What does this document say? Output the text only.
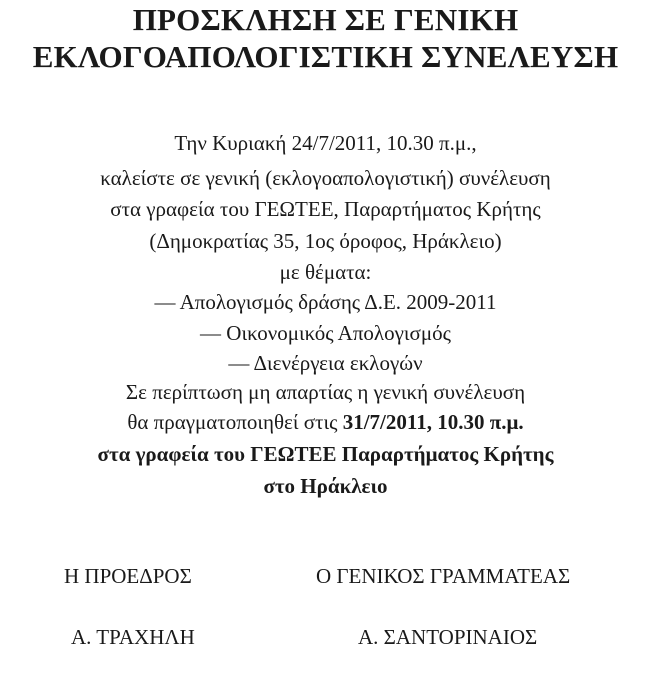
ΠΡΟΣΚΛΗΣΗ ΣΕ ΓΕΝΙΚΗ
ΕΚΛΟΓΟΑΠΟΛΟΓΙΣΤΙΚΗ ΣΥΝΕΛΕΥΣΗ
Την Κυριακή 24/7/2011, 10.30 π.μ.,
καλείστε σε γενική (εκλογοαπολογιστική) συνέλευση
στα γραφεία του ΓΕΩΤΕΕ, Παραρτήματος Κρήτης
(Δημοκρατίας 35, 1ος όροφος, Ηράκλειο)
με θέματα:
— Απολογισμός δράσης Δ.Ε. 2009-2011
— Οικονομικός Απολογισμός
— Διενέργεια εκλογών
Σε περίπτωση μη απαρτίας η γενική συνέλευση
θα πραγματοποιηθεί στις 31/7/2011, 10.30 π.μ.
στα γραφεία του ΓΕΩΤΕΕ Παραρτήματος Κρήτης
στο Ηράκλειο
Η ΠΡΟΕΔΡΟΣ	Ο ΓΕΝΙΚΟΣ ΓΡΑΜΜΑΤΕΑΣ
Α. ΤΡΑΧΗΛΗ	Α. ΣΑΝΤΟΡΙΝΑΙΟΣ
